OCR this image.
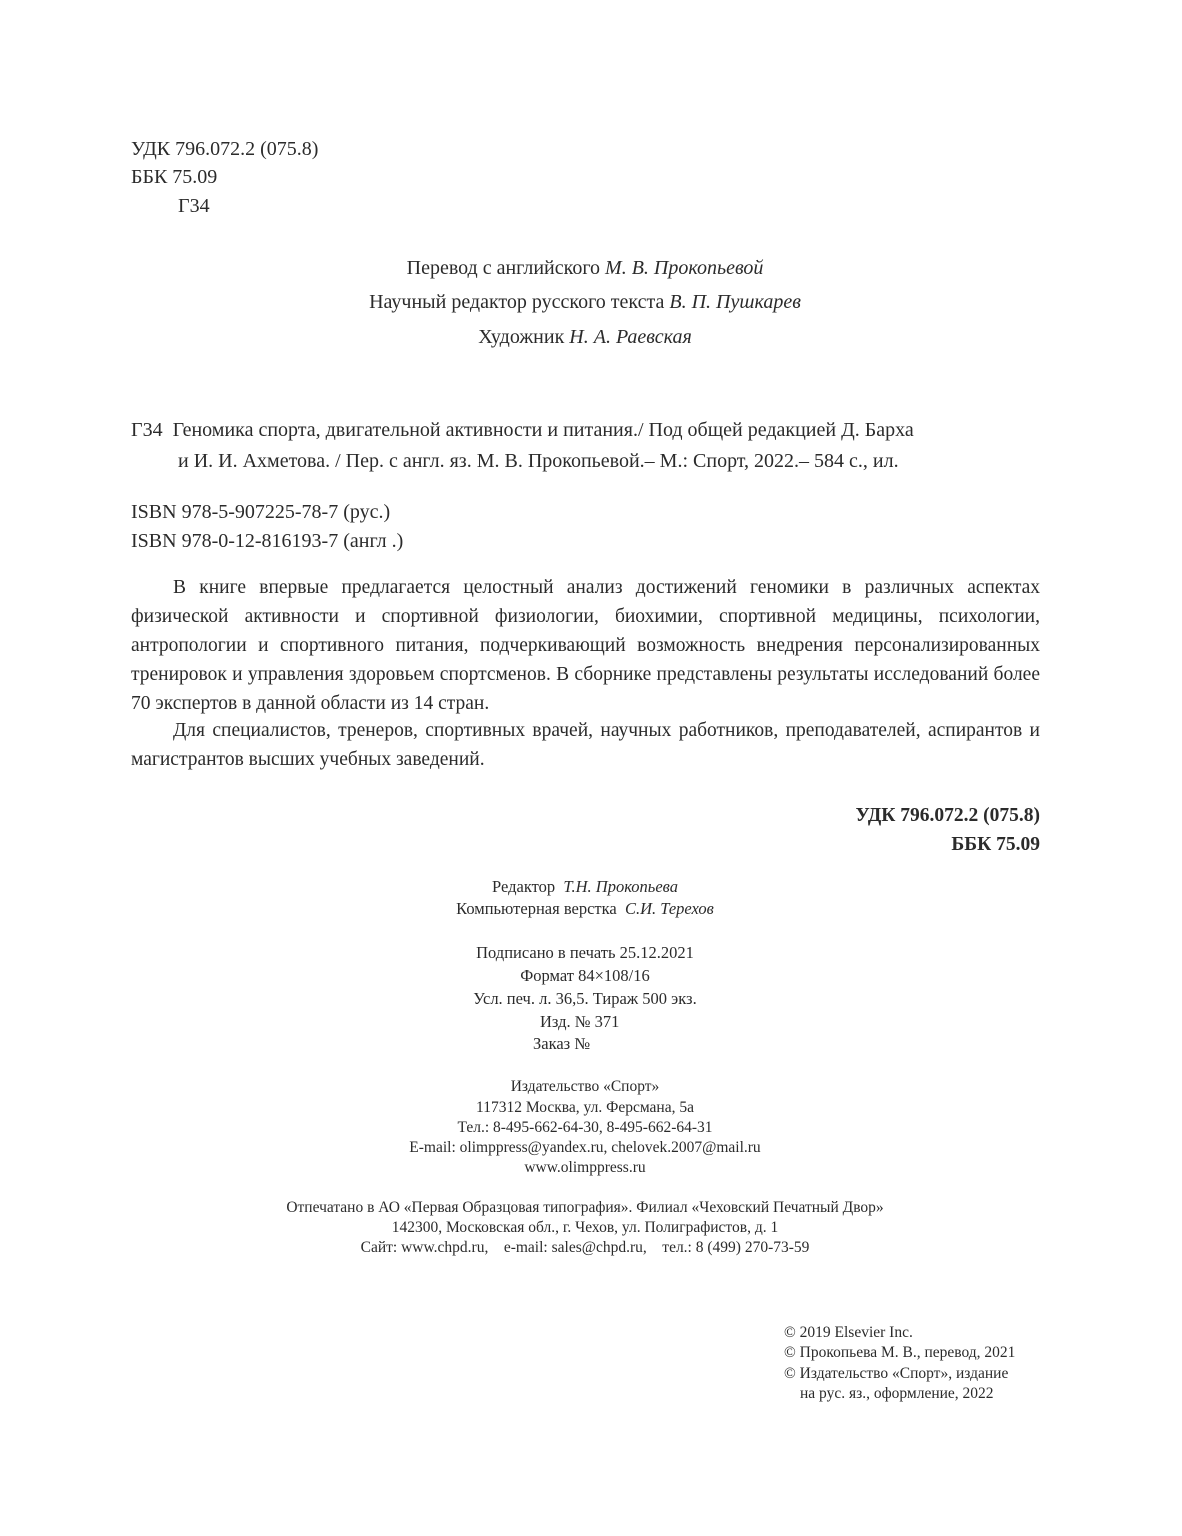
УДК 796.072.2 (075.8)
ББК 75.09
Г34
Перевод с английского М. В. Прокопьевой
Научный редактор русского текста В. П. Пушкарев
Художник Н. А. Раевская
Г34 Геномика спорта, двигательной активности и питания./ Под общей редакцией Д. Барха
и И. И. Ахметова. / Пер. с англ. яз. М. В. Прокопьевой.– М.: Спорт, 2022.– 584 с., ил.
ISBN 978-5-907225-78-7 (рус.)
ISBN 978-0-12-816193-7 (англ .)
В книге впервые предлагается целостный анализ достижений геномики в различных аспектах физической активности и спортивной физиологии, биохимии, спортивной медицины, психологии, антропологии и спортивного питания, подчеркивающий возможность внедрения персонализированных тренировок и управления здоровьем спортсменов. В сборнике представлены результаты исследований более 70 экспертов в данной области из 14 стран.
Для специалистов, тренеров, спортивных врачей, научных работников, преподавателей, аспирантов и магистрантов высших учебных заведений.
УДК 796.072.2 (075.8)
ББК 75.09
Редактор Т.Н. Прокопьева
Компьютерная верстка С.И. Терехов
Подписано в печать 25.12.2021
Формат 84×108/16
Усл. печ. л. 36,5. Тираж 500 экз.
Изд. № 371
Заказ №
Издательство «Спорт»
117312 Москва, ул. Ферсмана, 5а
Тел.: 8-495-662-64-30, 8-495-662-64-31
E-mail: olimppress@yandex.ru, chelovek.2007@mail.ru
www.olimppress.ru
Отпечатано в АО «Первая Образцовая типография». Филиал «Чеховский Печатный Двор»
142300, Московская обл., г. Чехов, ул. Полиграфистов, д. 1
Сайт: www.chpd.ru, e-mail: sales@chpd.ru, тел.: 8 (499) 270-73-59
© 2019 Elsevier Inc.
© Прокопьева М. В., перевод, 2021
© Издательство «Спорт», издание
на рус. яз., оформление, 2022
